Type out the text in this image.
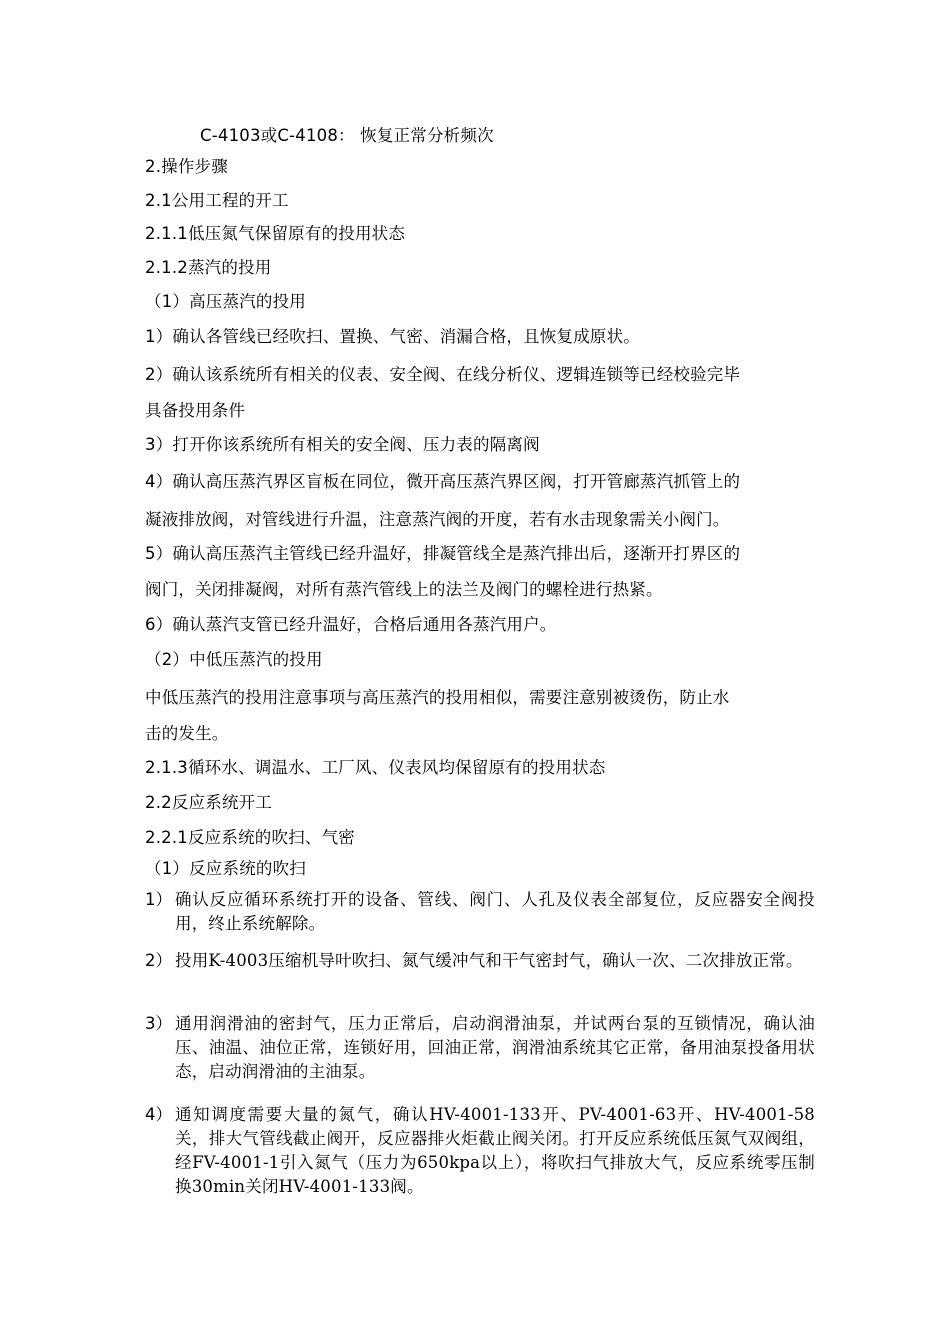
C-4103或C-4108： 恢复正常分析频次
2.操作步骤
2.1公用工程的开工
2.1.1低压氮气保留原有的投用状态
2.1.2蒸汽的投用
（1）高压蒸汽的投用
1）确认各管线已经吹扫、置换、气密、消漏合格，且恢复成原状。
2）确认该系统所有相关的仪表、安全阀、在线分析仪、逻辑连锁等已经校验完毕
具备投用条件
3）打开你该系统所有相关的安全阀、压力表的隔离阀
4）确认高压蒸汽界区盲板在同位，微开高压蒸汽界区阀，打开管廊蒸汽抓管上的
凝液排放阀，对管线进行升温，注意蒸汽阀的开度，若有水击现象需关小阀门。
5）确认高压蒸汽主管线已经升温好，排凝管线全是蒸汽排出后，逐渐开打界区的
阀门，关闭排凝阀，对所有蒸汽管线上的法兰及阀门的螺栓进行热紧。
6）确认蒸汽支管已经升温好，合格后通用各蒸汽用户。
（2）中低压蒸汽的投用
中低压蒸汽的投用注意事项与高压蒸汽的投用相似，需要注意别被烫伤，防止水
击的发生。
2.1.3循环水、调温水、工厂风、仪表风均保留原有的投用状态
2.2反应系统开工
2.2.1反应系统的吹扫、气密
（1）反应系统的吹扫
1） 确认反应循环系统打开的设备、管线、阀门、人孔及仪表全部复位，反应器安全阀投用，终止系统解除。
2） 投用K-4003压缩机导叶吹扫、氮气缓冲气和干气密封气，确认一次、二次排放正常。
3） 通用润滑油的密封气，压力正常后，启动润滑油泵，并试两台泵的互锁情况，确认油压、油温、油位正常，连锁好用，回油正常，润滑油系统其它正常，备用油泵投备用状态，启动润滑油的主油泵。
4） 通知调度需要大量的氮气，确认HV-4001-133开、PV-4001-63开、HV-4001-58关，排大气管线截止阀开，反应器排火炬截止阀关闭。打开反应系统低压氮气双阀组，经FV-4001-1引入氮气（压力为650kpa以上），将吹扫气排放大气，反应系统零压制换30min关闭HV-4001-133阀。
